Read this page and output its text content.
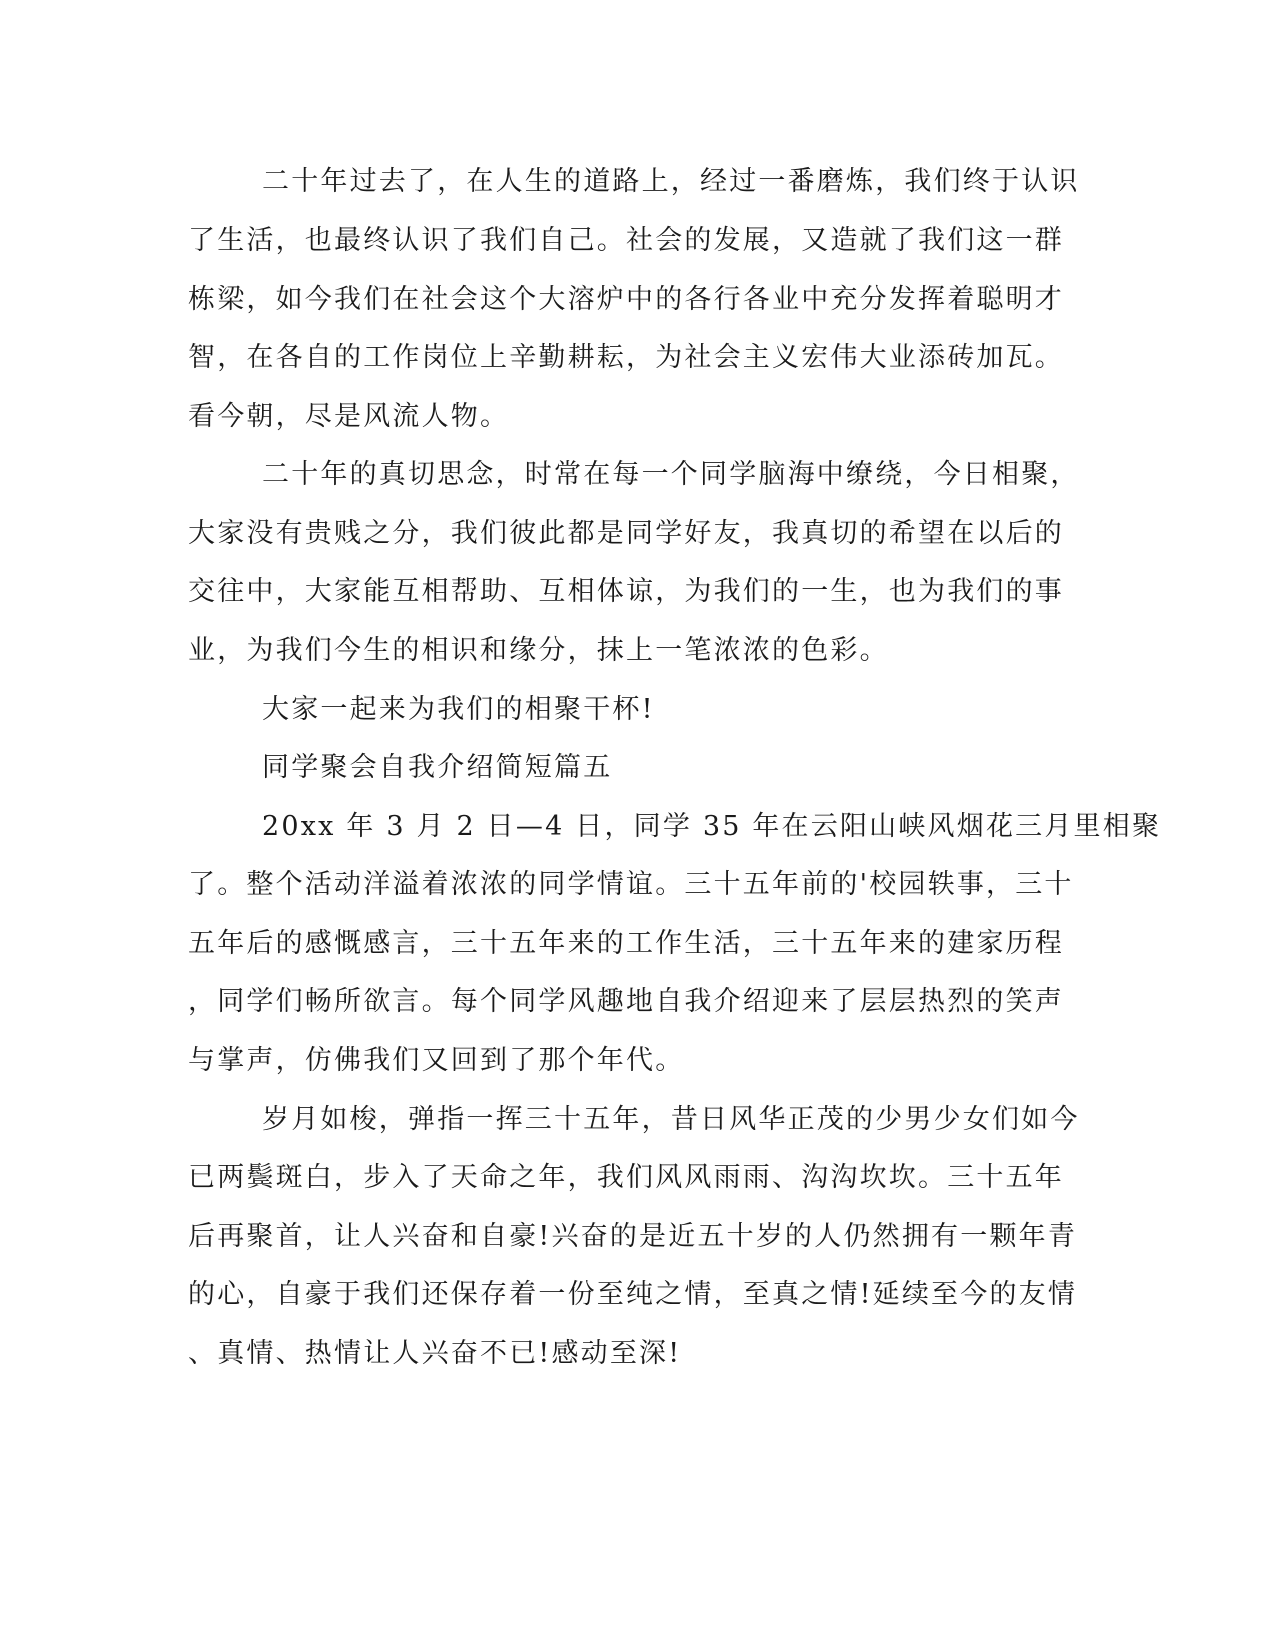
二十年过去了，在人生的道路上，经过一番磨炼，我们终于认识
了生活，也最终认识了我们自己。社会的发展，又造就了我们这一群
栋梁，如今我们在社会这个大溶炉中的各行各业中充分发挥着聪明才
智，在各自的工作岗位上辛勤耕耘，为社会主义宏伟大业添砖加瓦。
看今朝，尽是风流人物。
二十年的真切思念，时常在每一个同学脑海中缭绕，今日相聚，
大家没有贵贱之分，我们彼此都是同学好友，我真切的希望在以后的
交往中，大家能互相帮助、互相体谅，为我们的一生，也为我们的事
业，为我们今生的相识和缘分，抹上一笔浓浓的色彩。
大家一起来为我们的相聚干杯!
同学聚会自我介绍简短篇五
20xx 年 3 月 2 日—4 日，同学 35 年在云阳山峡风烟花三月里相聚
了。整个活动洋溢着浓浓的同学情谊。三十五年前的'校园轶事，三十
五年后的感慨感言，三十五年来的工作生活，三十五年来的建家历程
，同学们畅所欲言。每个同学风趣地自我介绍迎来了层层热烈的笑声
与掌声，仿佛我们又回到了那个年代。
岁月如梭，弹指一挥三十五年，昔日风华正茂的少男少女们如今
已两鬓斑白，步入了天命之年，我们风风雨雨、沟沟坎坎。三十五年
后再聚首，让人兴奋和自豪!兴奋的是近五十岁的人仍然拥有一颗年青
的心，自豪于我们还保存着一份至纯之情，至真之情!延续至今的友情
、真情、热情让人兴奋不已!感动至深!
